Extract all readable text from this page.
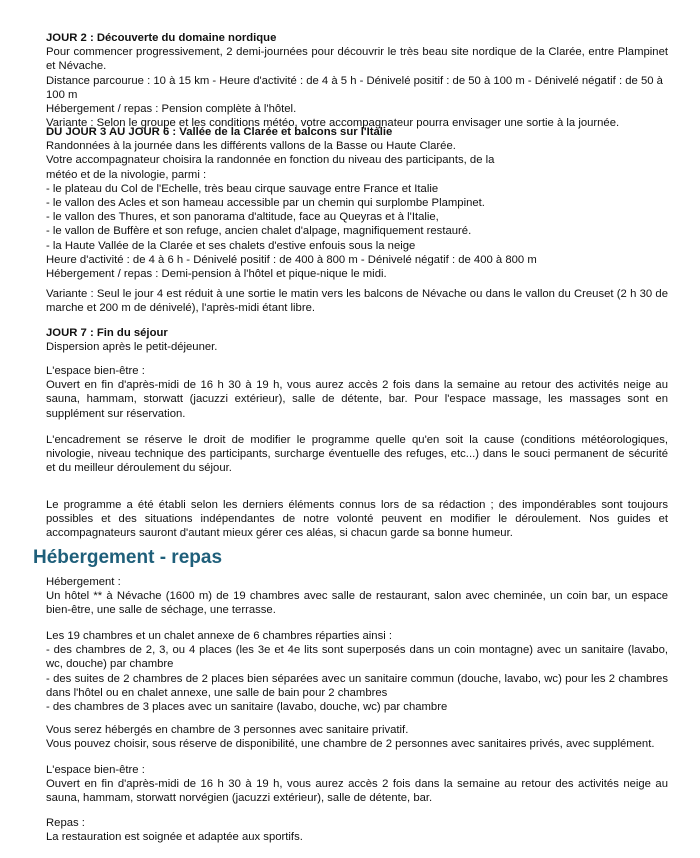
JOUR 2 : Découverte du domaine nordique

Pour commencer progressivement, 2 demi-journées pour découvrir le très beau site nordique de la Clarée, entre Plampinet et Névache.

Distance parcourue : 10 à 15 km - Heure d'activité : de 4 à 5 h - Dénivelé positif : de 50 à 100 m - Dénivelé négatif : de 50 à 100 m

Hébergement / repas : Pension complète à l'hôtel.

Variante : Selon le groupe et les conditions météo, votre accompagnateur pourra envisager une sortie à la journée.

DU JOUR 3 AU JOUR 6 : Vallée de la Clarée et balcons sur l'Italie

Randonnées à la journée dans les différents vallons de la Basse ou Haute Clarée.

Votre accompagnateur choisira la randonnée en fonction du niveau des participants, de la

météo et de la nivologie, parmi :

- le plateau du Col de l'Echelle, très beau cirque sauvage entre France et Italie

- le vallon des Acles et son hameau accessible par un chemin qui surplombe Plampinet.

- le vallon des Thures, et son panorama d'altitude, face au Queyras et à l'Italie,

- le vallon de Buffère et son refuge, ancien chalet d'alpage, magnifiquement restauré.

- la Haute Vallée de la Clarée et ses chalets d'estive enfouis sous la neige

Heure d'activité : de 4 à 6 h - Dénivelé positif : de 400 à 800 m - Dénivelé négatif : de 400 à 800 m

Hébergement / repas : Demi-pension à l'hôtel et pique-nique le midi.

Variante : Seul le jour 4 est réduit à une sortie le matin vers les balcons de Névache ou dans le vallon du Creuset (2 h 30 de marche et 200 m de dénivelé), l'après-midi étant libre.

JOUR 7 : Fin du séjour

Dispersion après le petit-déjeuner.

L'espace bien-être :

Ouvert en fin d'après-midi de 16 h 30 à 19 h, vous aurez accès 2 fois dans la semaine au retour des activités neige au sauna, hammam, storwatt (jacuzzi extérieur), salle de détente, bar. Pour l'espace massage, les massages sont en supplément sur réservation.

L'encadrement se réserve le droit de modifier le programme quelle qu'en soit la cause (conditions météorologiques, nivologie, niveau technique des participants, surcharge éventuelle des refuges, etc...) dans le souci permanent de sécurité et du meilleur déroulement du séjour.

Le programme a été établi selon les derniers éléments connus lors de sa rédaction ; des impondérables sont toujours possibles et des situations indépendantes de notre volonté peuvent en modifier le déroulement. Nos guides et accompagnateurs sauront d'autant mieux gérer ces aléas, si chacun garde sa bonne humeur.

Hébergement - repas

Hébergement :

Un hôtel ** à Névache (1600 m) de 19 chambres avec salle de restaurant, salon avec cheminée, un coin bar, un espace bien-être, une salle de séchage, une terrasse.

Les 19 chambres et un chalet annexe de 6 chambres réparties ainsi :

- des chambres de 2, 3, ou 4 places (les 3e et 4e lits sont superposés dans un coin montagne) avec un sanitaire (lavabo, wc, douche) par chambre

- des suites de 2 chambres de 2 places bien séparées avec un sanitaire commun (douche, lavabo, wc) pour les 2 chambres dans l'hôtel ou en chalet annexe, une salle de bain pour 2 chambres

- des chambres de 3 places avec un sanitaire (lavabo, douche, wc) par chambre

Vous serez hébergés en chambre de 3 personnes avec sanitaire privatif.

Vous pouvez choisir, sous réserve de disponibilité, une chambre de 2 personnes avec sanitaires privés, avec supplément.

L'espace bien-être :

Ouvert en fin d'après-midi de 16 h 30 à 19 h, vous aurez accès 2 fois dans la semaine au retour des activités neige au sauna, hammam, storwatt norvégien (jacuzzi extérieur), salle de détente, bar.

Repas :

La restauration est soignée et adaptée aux sportifs.
